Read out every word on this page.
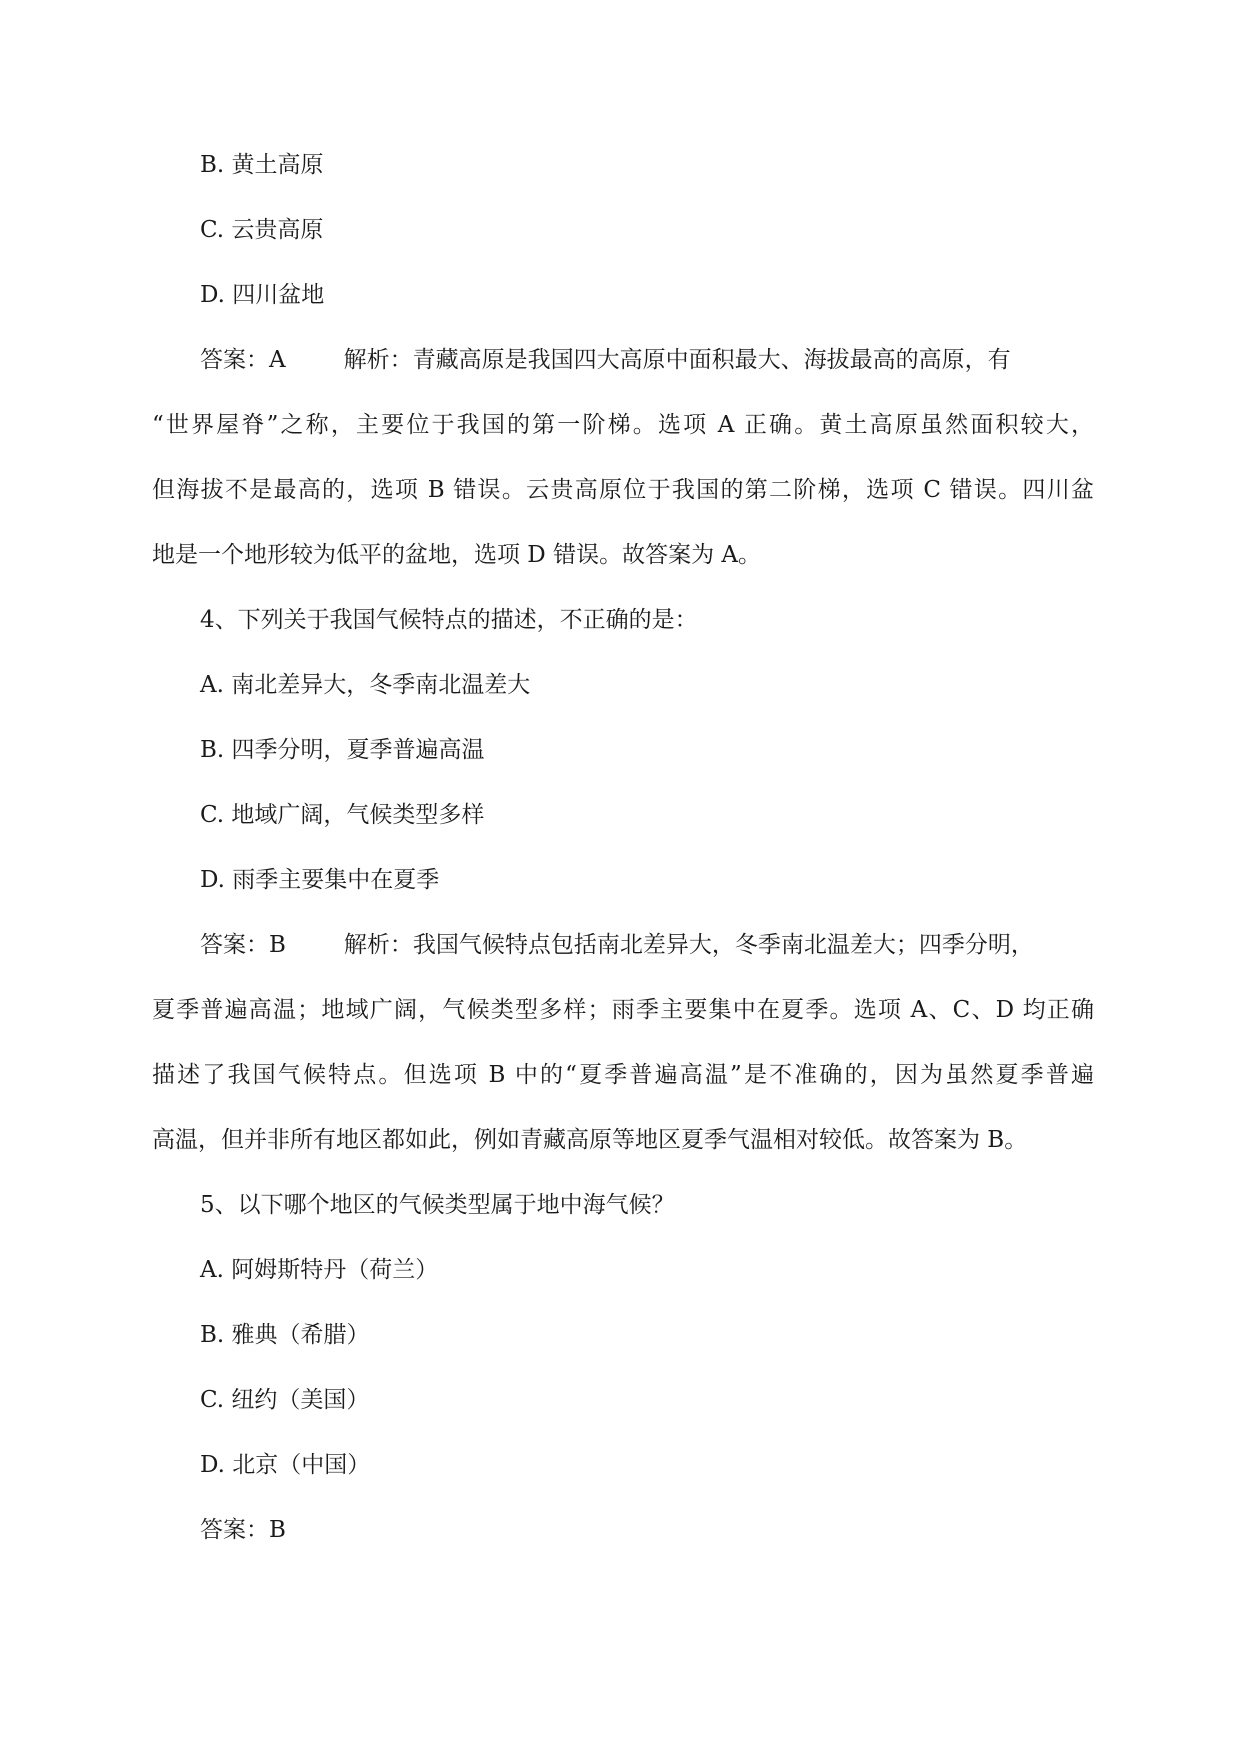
B. 黄土高原
C. 云贵高原
D. 四川盆地
答案：A	解析：青藏高原是我国四大高原中面积最大、海拔最高的高原，有
“世界屋脊”之称，主要位于我国的第一阶梯。选项 A 正确。黄土高原虽然面积较大，
但海拔不是最高的，选项 B 错误。云贵高原位于我国的第二阶梯，选项 C 错误。四川盆
地是一个地形较为低平的盆地，选项 D 错误。故答案为 A。
4、下列关于我国气候特点的描述，不正确的是：
A. 南北差异大，冬季南北温差大
B. 四季分明，夏季普遍高温
C. 地域广阔，气候类型多样
D. 雨季主要集中在夏季
答案：B	解析：我国气候特点包括南北差异大，冬季南北温差大；四季分明，
夏季普遍高温；地域广阔，气候类型多样；雨季主要集中在夏季。选项 A、C、D 均正确
描述了我国气候特点。但选项 B 中的“夏季普遍高温”是不准确的，因为虽然夏季普遍
高温，但并非所有地区都如此，例如青藏高原等地区夏季气温相对较低。故答案为 B。
5、以下哪个地区的气候类型属于地中海气候？
A. 阿姆斯特丹（荷兰）
B. 雅典（希腊）
C. 纽约（美国）
D. 北京（中国）
答案：B
